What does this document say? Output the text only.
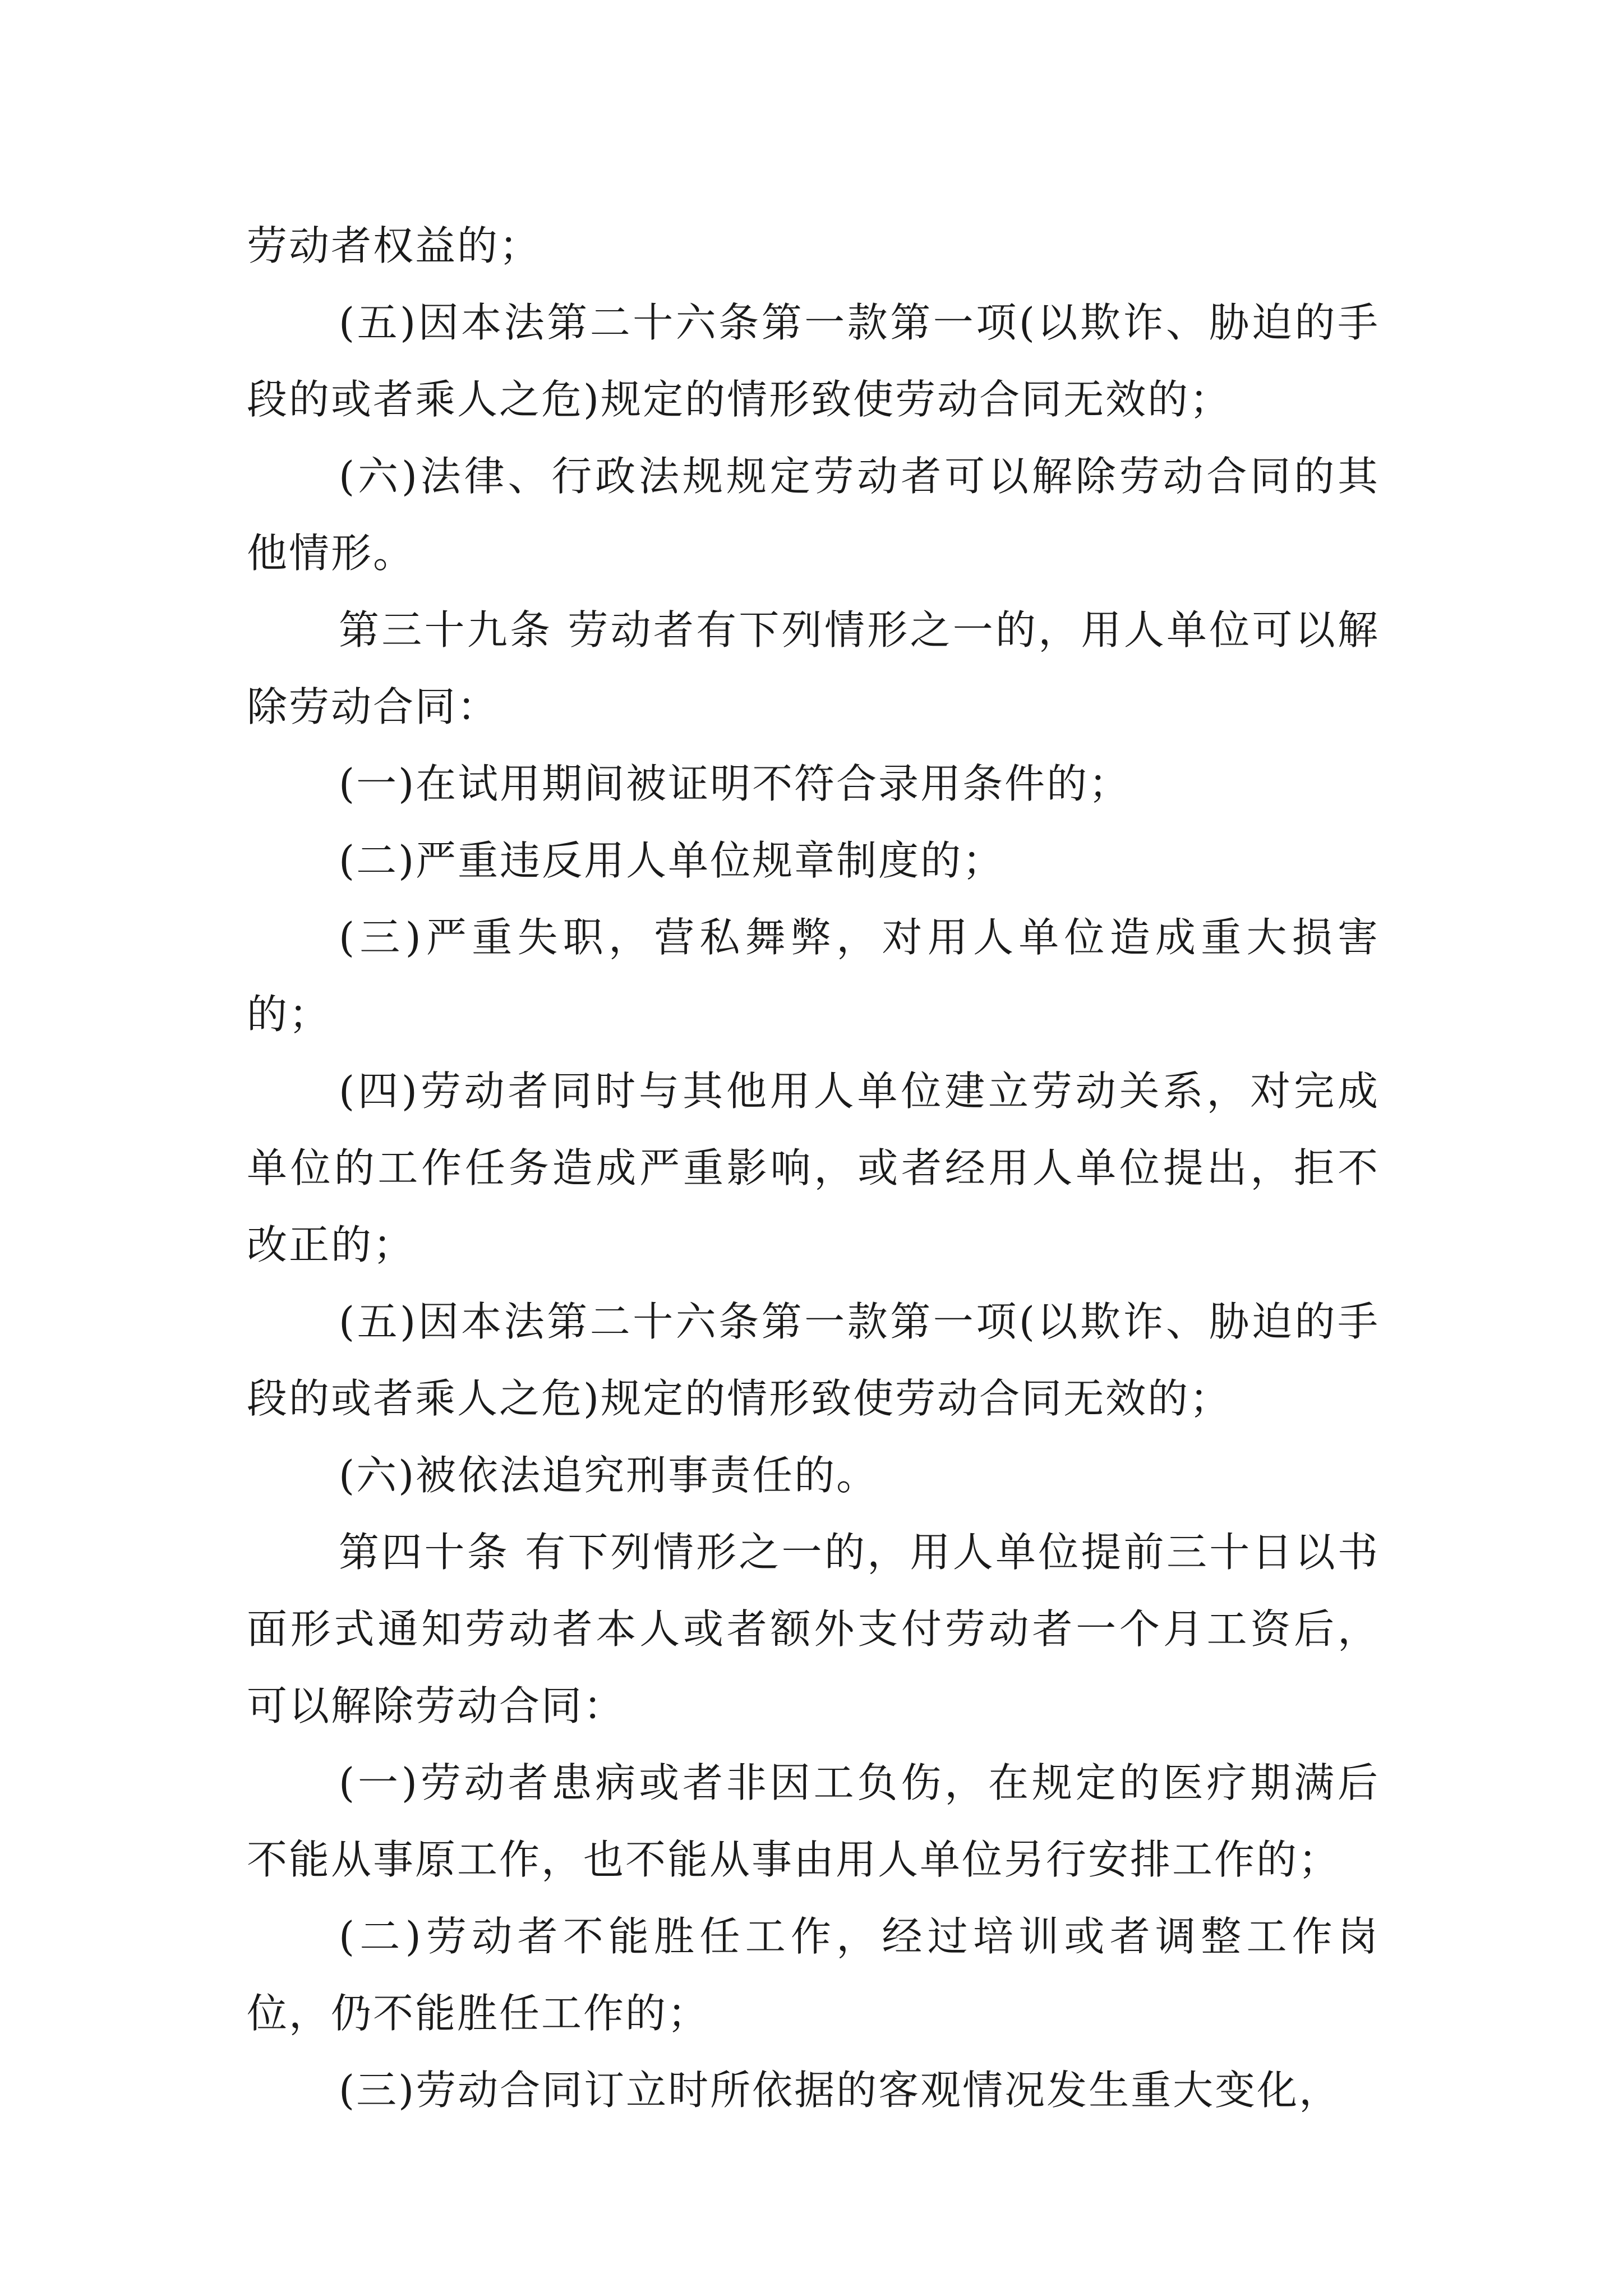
劳动者权益的；

(五)因本法第二十六条第一款第一项(以欺诈、胁迫的手段的或者乘人之危)规定的情形致使劳动合同无效的；

(六)法律、行政法规规定劳动者可以解除劳动合同的其他情形。

第三十九条 劳动者有下列情形之一的，用人单位可以解除劳动合同：

(一)在试用期间被证明不符合录用条件的；

(二)严重违反用人单位规章制度的；

(三)严重失职，营私舞弊，对用人单位造成重大损害的；

(四)劳动者同时与其他用人单位建立劳动关系，对完成单位的工作任务造成严重影响，或者经用人单位提出，拒不改正的；

(五)因本法第二十六条第一款第一项(以欺诈、胁迫的手段的或者乘人之危)规定的情形致使劳动合同无效的；

(六)被依法追究刑事责任的。

第四十条 有下列情形之一的，用人单位提前三十日以书面形式通知劳动者本人或者额外支付劳动者一个月工资后，可以解除劳动合同：

(一)劳动者患病或者非因工负伤，在规定的医疗期满后不能从事原工作，也不能从事由用人单位另行安排工作的；

(二)劳动者不能胜任工作，经过培训或者调整工作岗位，仍不能胜任工作的；

(三)劳动合同订立时所依据的客观情况发生重大变化，
